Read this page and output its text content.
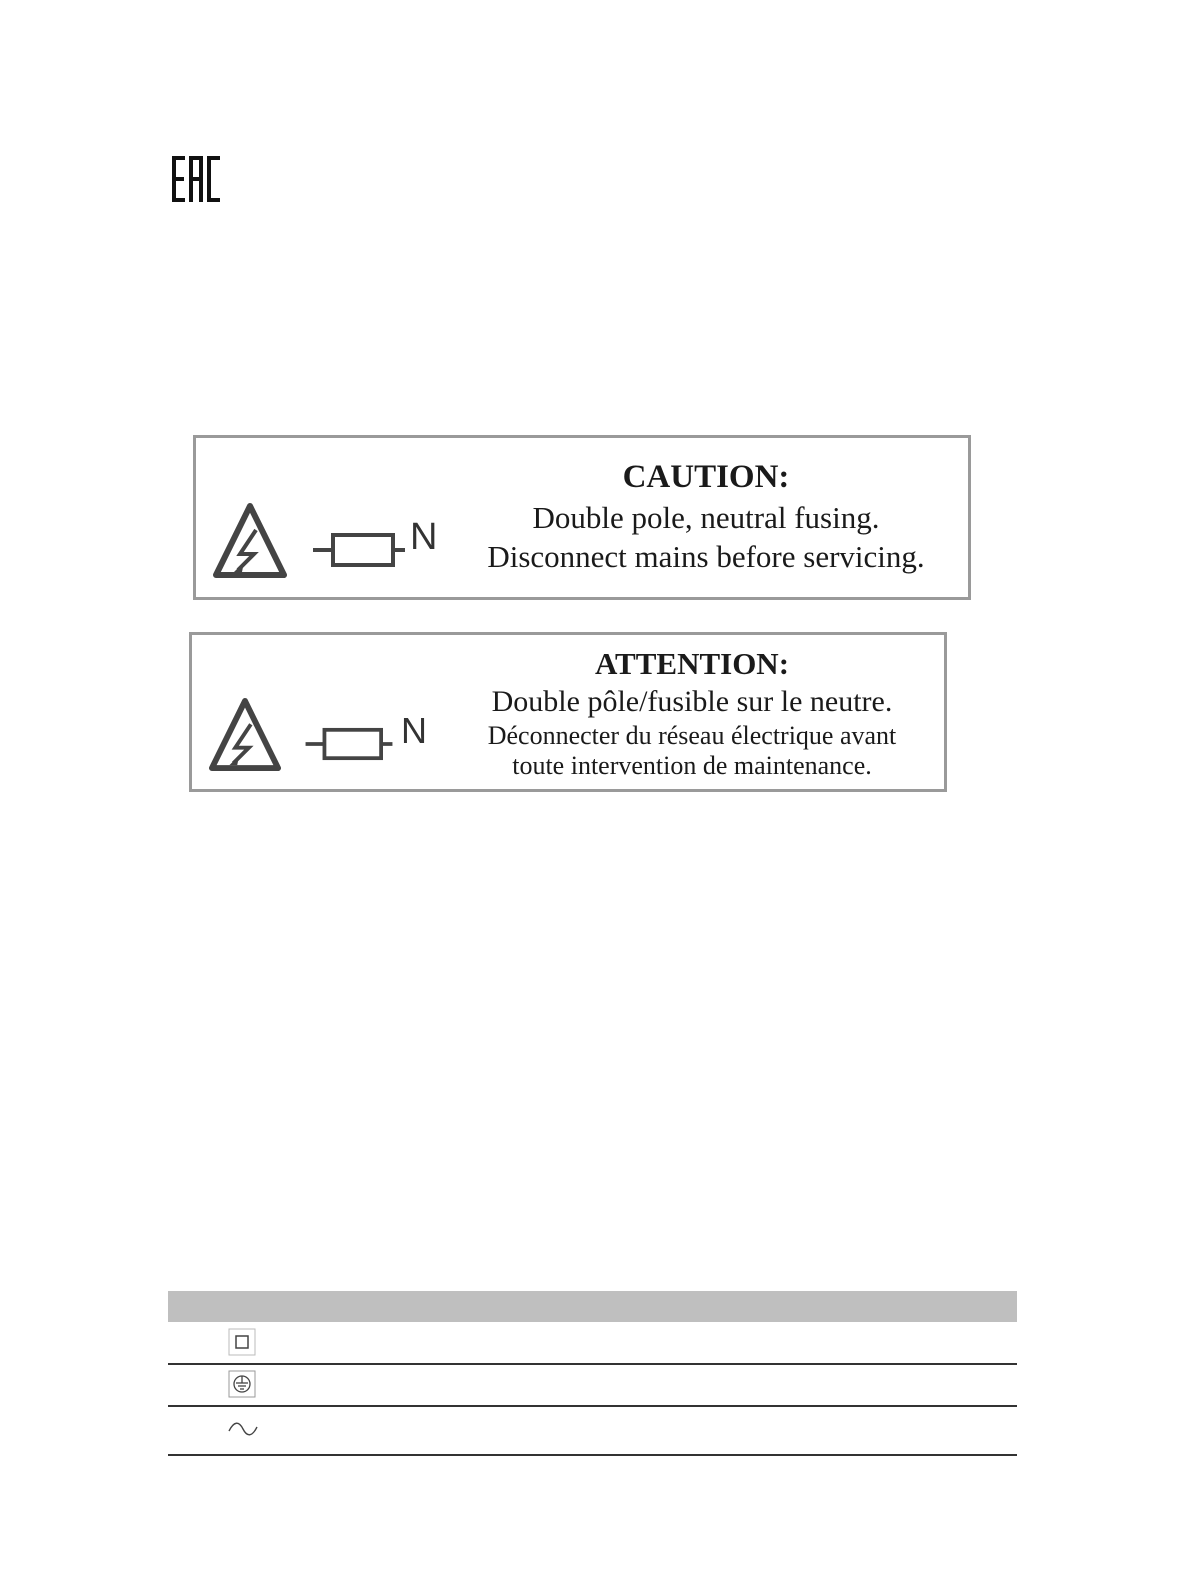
N
CAUTION:
Double pole, neutral fusing.
Disconnect mains before servicing.
N
ATTENTION:
Double pôle/fusible sur le neutre.
Déconnecter du réseau électrique avant
toute intervention de maintenance.
